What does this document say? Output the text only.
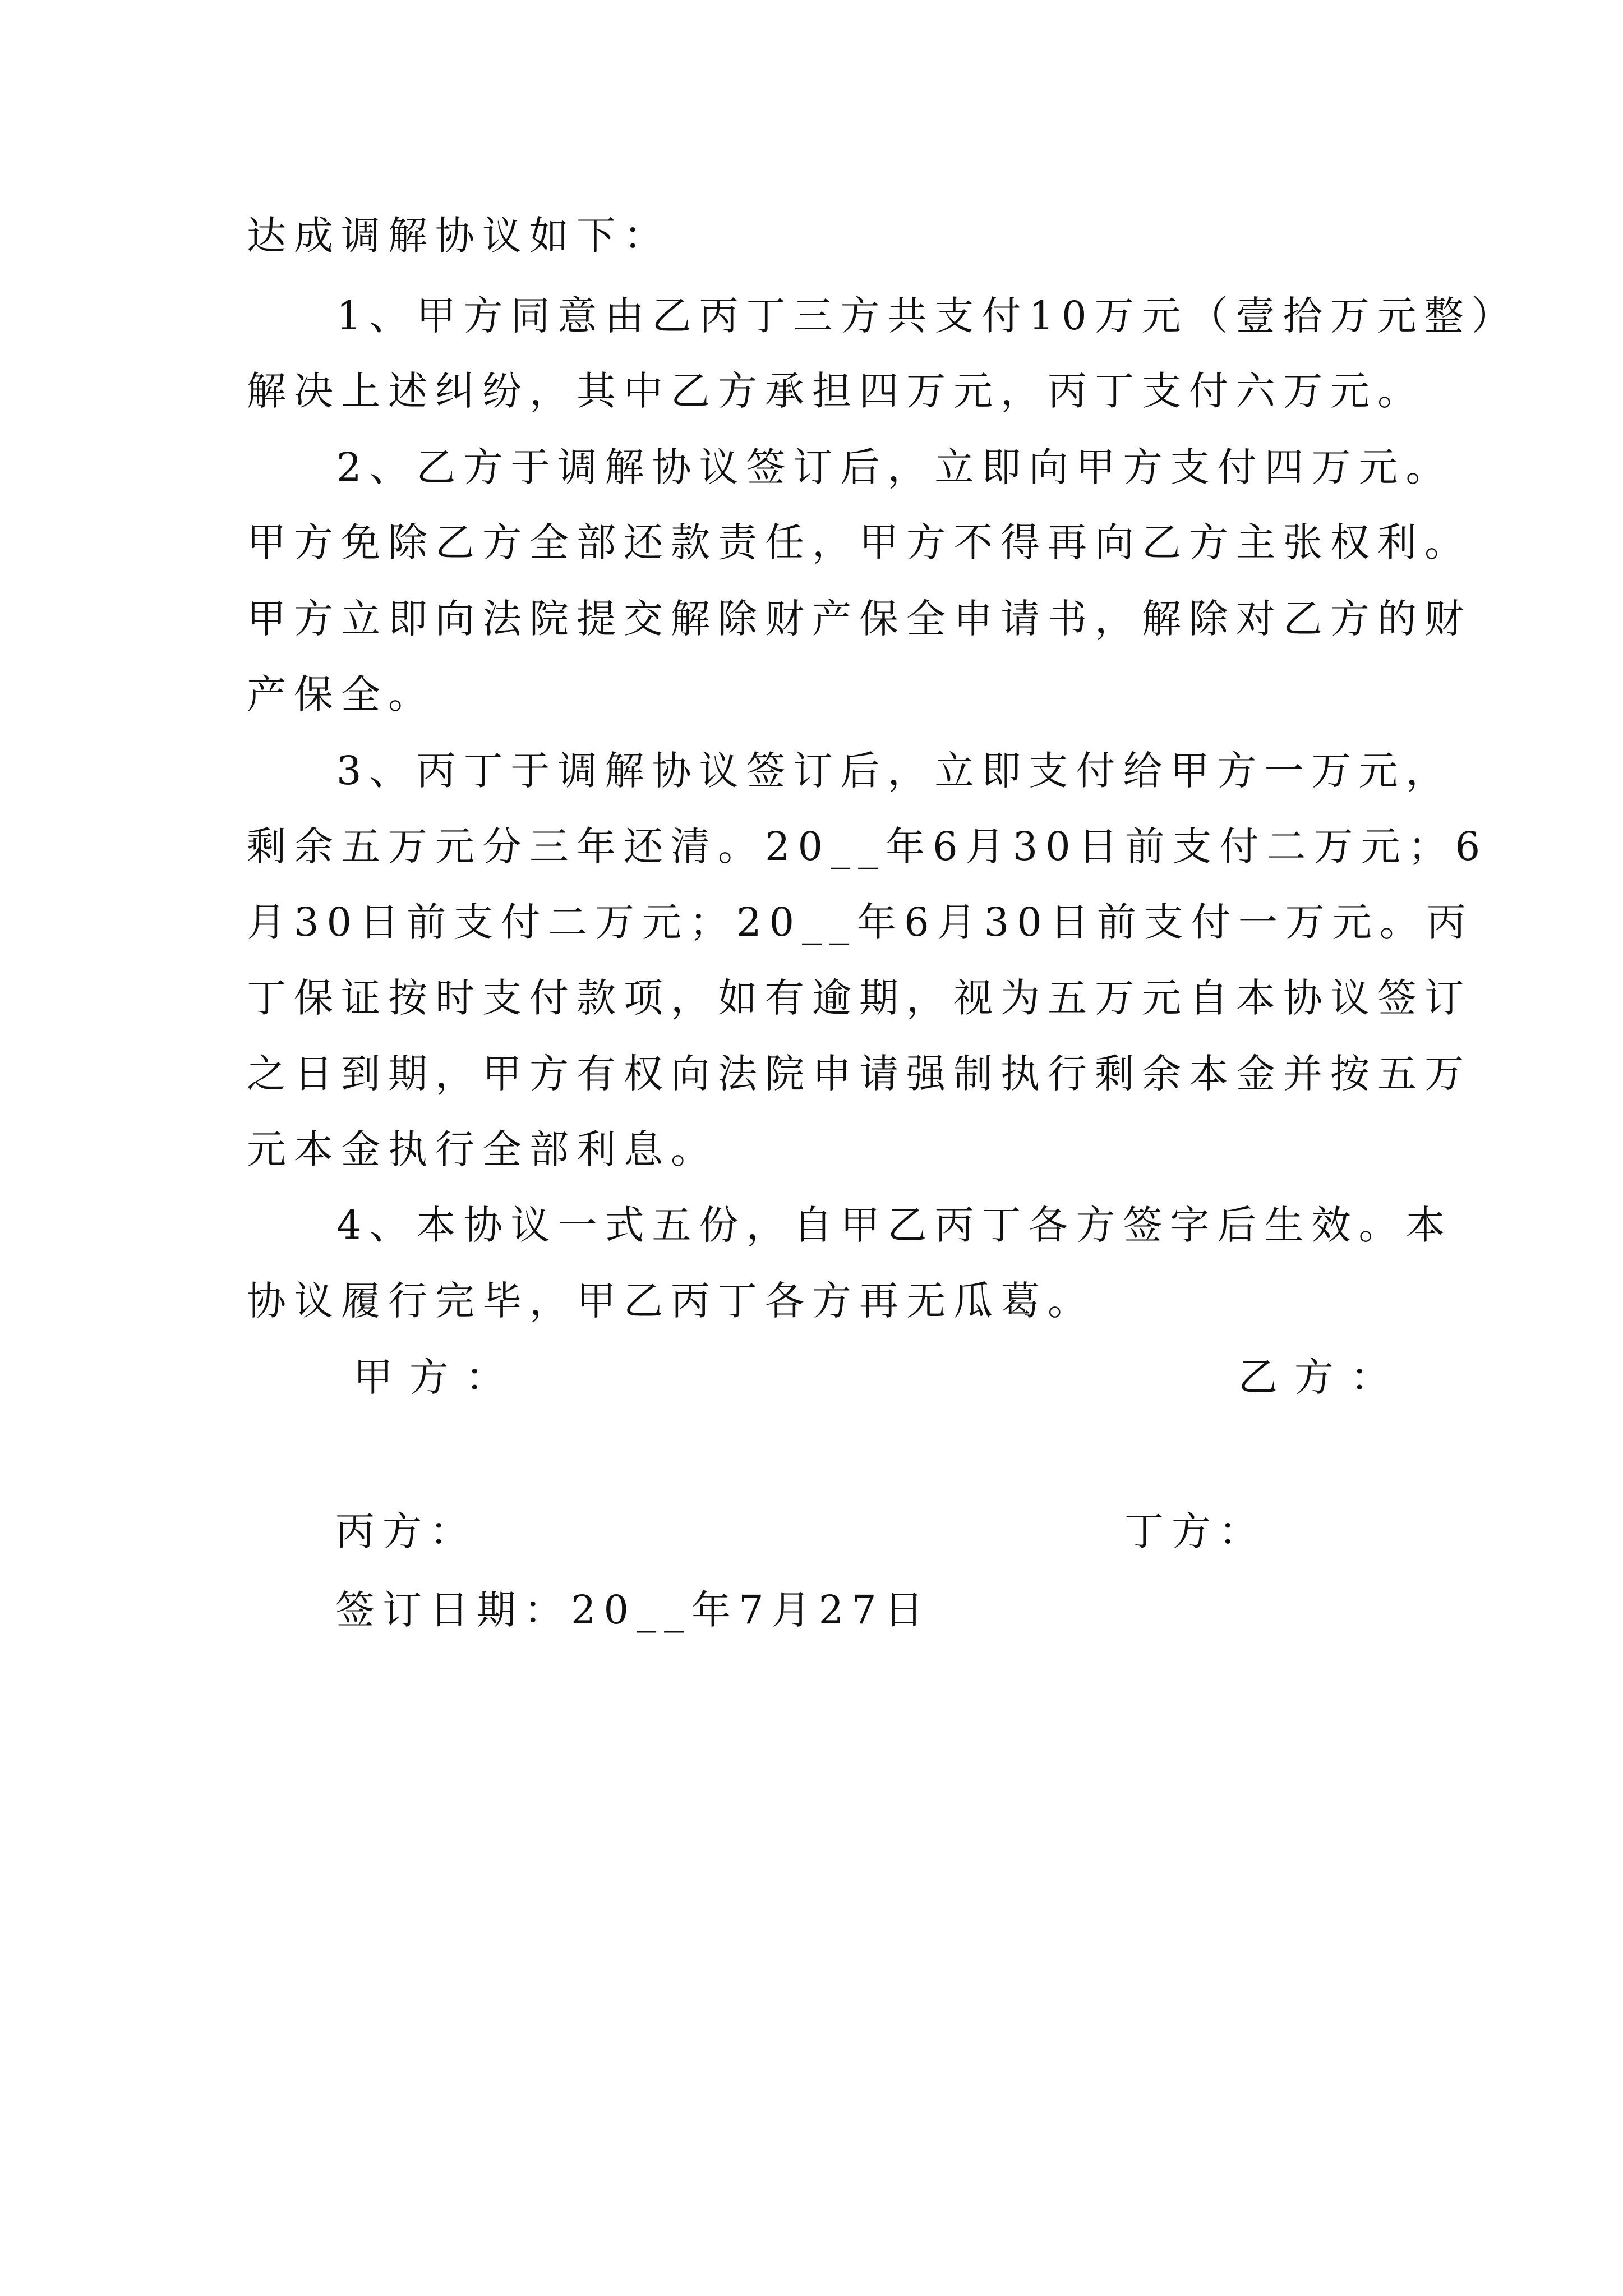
达成调解协议如下：
1、甲方同意由乙丙丁三方共支付10万元（壹拾万元整）
解决上述纠纷，其中乙方承担四万元，丙丁支付六万元。
2、乙方于调解协议签订后，立即向甲方支付四万元。
甲方免除乙方全部还款责任，甲方不得再向乙方主张权利。
甲方立即向法院提交解除财产保全申请书，解除对乙方的财
产保全。
3、丙丁于调解协议签订后，立即支付给甲方一万元，
剩余五万元分三年还清。20__年6月30日前支付二万元；6
月30日前支付二万元；20__年6月30日前支付一万元。丙
丁保证按时支付款项，如有逾期，视为五万元自本协议签订
之日到期，甲方有权向法院申请强制执行剩余本金并按五万
元本金执行全部利息。
4、本协议一式五份，自甲乙丙丁各方签字后生效。本
协议履行完毕，甲乙丙丁各方再无瓜葛。
甲方：	乙方：
丙方：	丁方：
签订日期：20__年7月27日
